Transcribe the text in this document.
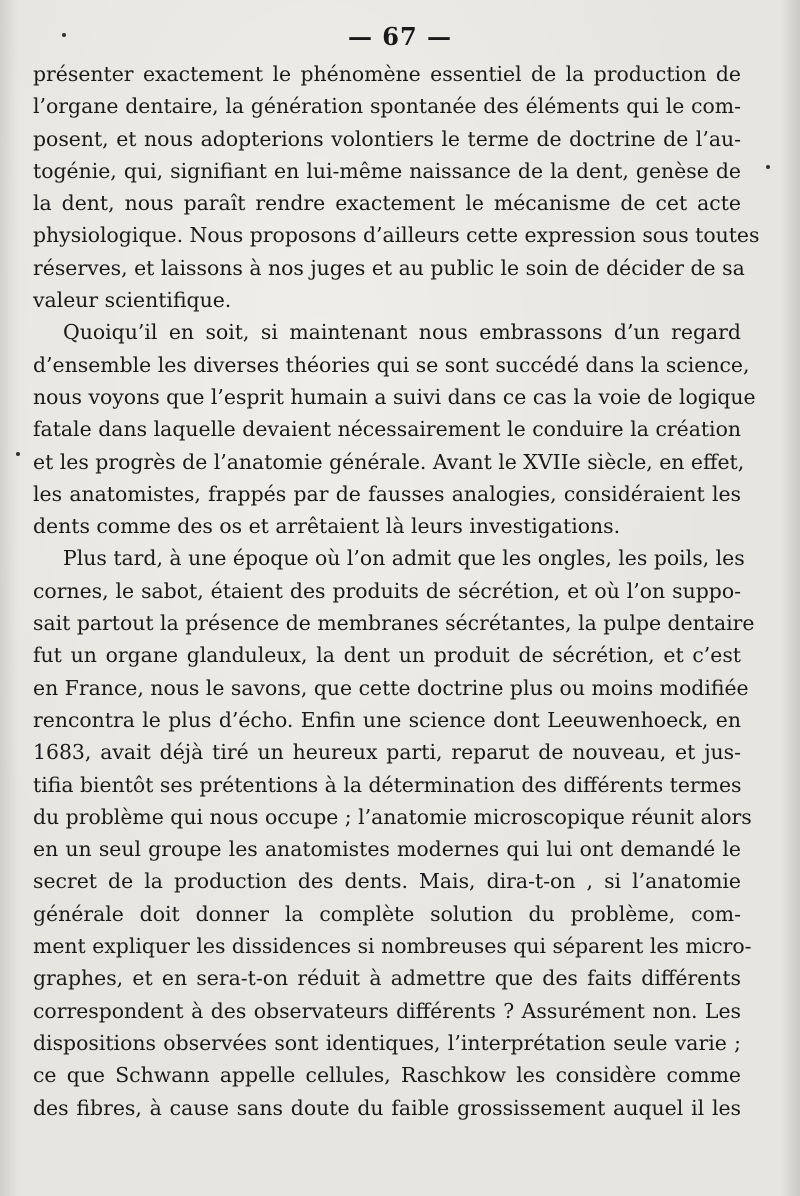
— 67 —
présenter exactement le phénomène essentiel de la production de
l’organe dentaire, la génération spontanée des éléments qui le com-
posent, et nous adopterions volontiers le terme de doctrine de l’au-
togénie, qui, signifiant en lui-même naissance de la dent, genèse de
la dent, nous paraît rendre exactement le mécanisme de cet acte
physiologique. Nous proposons d’ailleurs cette expression sous toutes
réserves, et laissons à nos juges et au public le soin de décider de sa
valeur scientifique.
Quoiqu’il en soit, si maintenant nous embrassons d’un regard
d’ensemble les diverses théories qui se sont succédé dans la science,
nous voyons que l’esprit humain a suivi dans ce cas la voie de logique
fatale dans laquelle devaient nécessairement le conduire la création
et les progrès de l’anatomie générale. Avant le XVIIe siècle, en effet,
les anatomistes, frappés par de fausses analogies, considéraient les
dents comme des os et arrêtaient là leurs investigations.
Plus tard, à une époque où l’on admit que les ongles, les poils, les
cornes, le sabot, étaient des produits de sécrétion, et où l’on suppo-
sait partout la présence de membranes sécrétantes, la pulpe dentaire
fut un organe glanduleux, la dent un produit de sécrétion, et c’est
en France, nous le savons, que cette doctrine plus ou moins modifiée
rencontra le plus d’écho. Enfin une science dont Leeuwenhoeck, en
1683, avait déjà tiré un heureux parti, reparut de nouveau, et jus-
tifia bientôt ses prétentions à la détermination des différents termes
du problème qui nous occupe ; l’anatomie microscopique réunit alors
en un seul groupe les anatomistes modernes qui lui ont demandé le
secret de la production des dents. Mais, dira-t-on , si l’anatomie
générale doit donner la complète solution du problème, com-
ment expliquer les dissidences si nombreuses qui séparent les micro-
graphes, et en sera-t-on réduit à admettre que des faits différents
correspondent à des observateurs différents ? Assurément non. Les
dispositions observées sont identiques, l’interprétation seule varie ;
ce que Schwann appelle cellules, Raschkow les considère comme
des fibres, à cause sans doute du faible grossissement auquel il les
